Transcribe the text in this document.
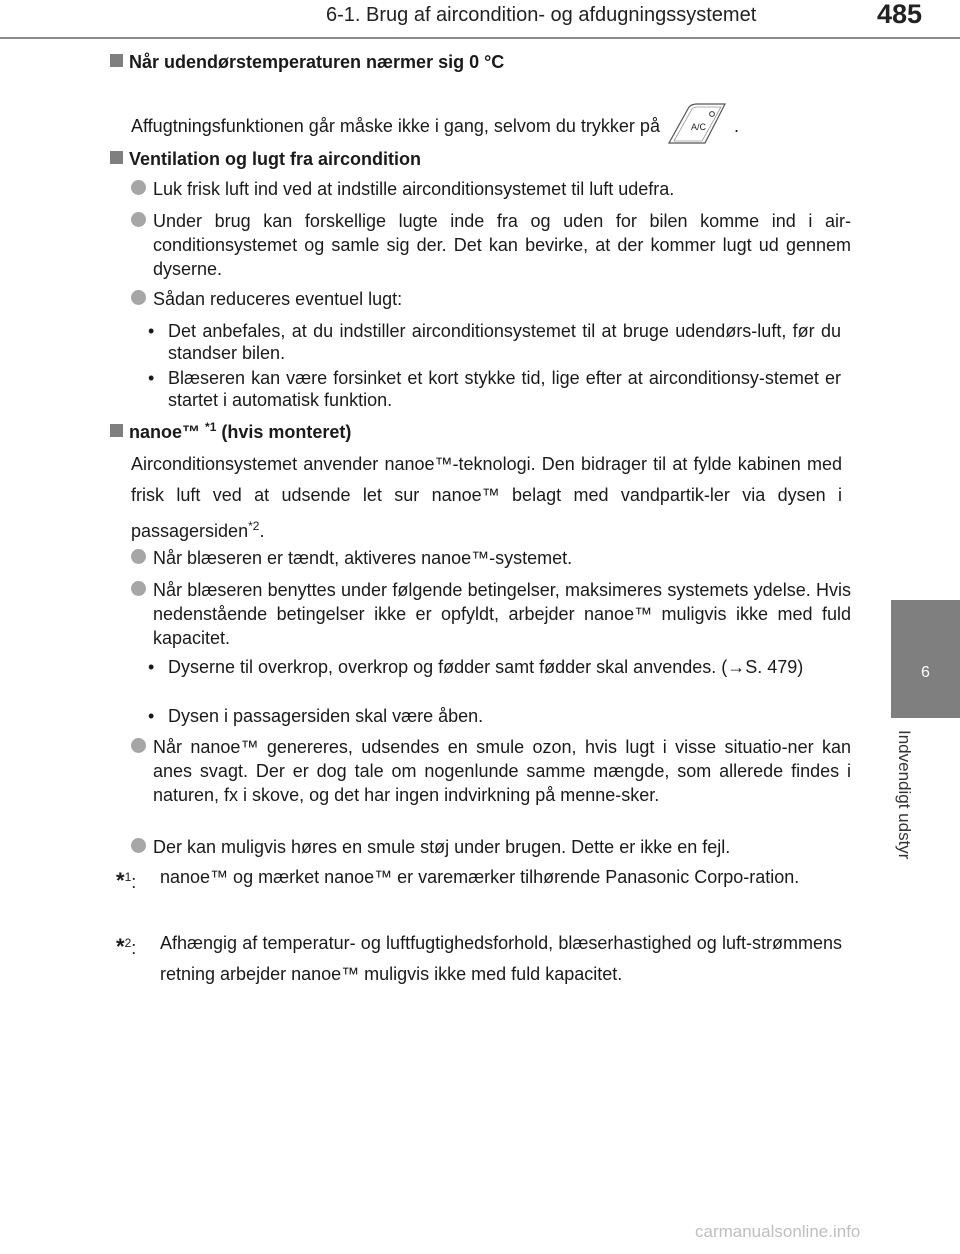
6-1. Brug af aircondition- og afdugningssystemet	485
6
Indvendigt udstyr
Når udendørstemperaturen nærmer sig 0 °C
Affugtningsfunktionen går måske ikke i gang, selvom du trykker på	A/C .
Ventilation og lugt fra aircondition
Luk frisk luft ind ved at indstille airconditionsystemet til luft udefra.
Under brug kan forskellige lugte inde fra og uden for bilen komme ind i air-conditionsystemet og samle sig der. Det kan bevirke, at der kommer lugt ud gennem dyserne.
Sådan reduceres eventuel lugt:
• Det anbefales, at du indstiller airconditionsystemet til at bruge udendørs-luft, før du standser bilen.
• Blæseren kan være forsinket et kort stykke tid, lige efter at airconditionsy-stemet er startet i automatisk funktion.
nanoe™ $^{*1}$ (hvis monteret)
Airconditionsystemet anvender nanoe™-teknologi. Den bidrager til at fylde kabinen med frisk luft ved at udsende let sur nanoe™ belagt med vandpartik-ler via dysen i passagersiden$^{*2}$.
Når blæseren er tændt, aktiveres nanoe™-systemet.
Når blæseren benyttes under følgende betingelser, maksimeres systemets ydelse. Hvis nedenstående betingelser ikke er opfyldt, arbejder nanoe™ muligvis ikke med fuld kapacitet.
• Dyserne til overkrop, overkrop og fødder samt fødder skal anvendes. (→S. 479)
• Dysen i passagersiden skal være åben.
Når nanoe™ genereres, udsendes en smule ozon, hvis lugt i visse situatio-ner kan anes svagt. Der er dog tale om nogenlunde samme mængde, som allerede findes i naturen, fx i skove, og det har ingen indvirkning på menne-sker.
Der kan muligvis høres en smule støj under brugen. Dette er ikke en fejl.
*$^1$:	nanoe™ og mærket nanoe™ er varemærker tilhørende Panasonic Corpo-ration.
*$^2$:	Afhængig af temperatur- og luftfugtighedsforhold, blæserhastighed og luft-strømmens retning arbejder nanoe™ muligvis ikke med fuld kapacitet.
carmanualsonline.info
